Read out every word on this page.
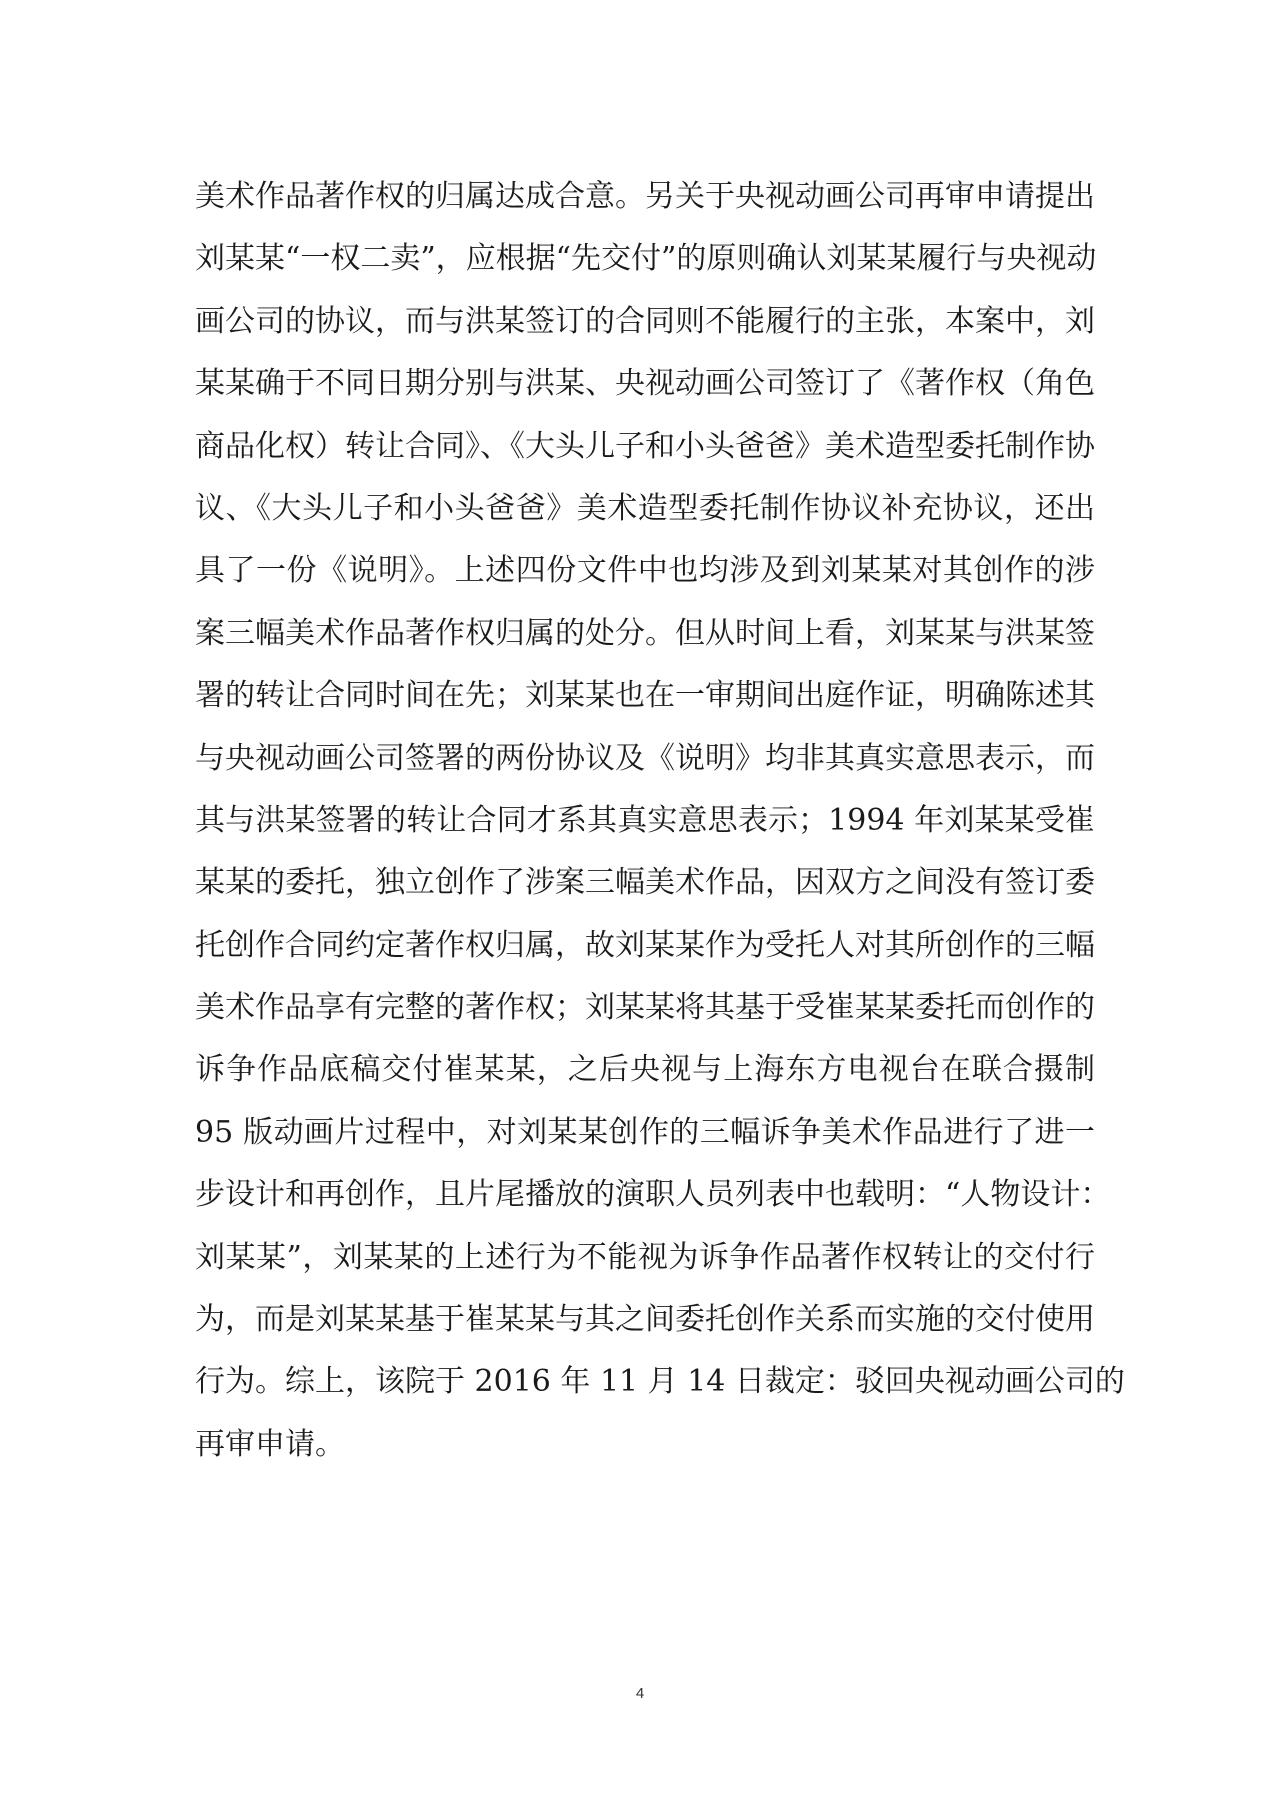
美术作品著作权的归属达成合意。另关于央视动画公司再审申请提出
刘某某“一权二卖”，应根据“先交付”的原则确认刘某某履行与央视动
画公司的协议，而与洪某签订的合同则不能履行的主张，本案中，刘
某某确于不同日期分别与洪某、央视动画公司签订了《著作权（角色
商品化权）转让合同》、《大头儿子和小头爸爸》美术造型委托制作协
议、《大头儿子和小头爸爸》美术造型委托制作协议补充协议，还出
具了一份《说明》。上述四份文件中也均涉及到刘某某对其创作的涉
案三幅美术作品著作权归属的处分。但从时间上看，刘某某与洪某签
署的转让合同时间在先；刘某某也在一审期间出庭作证，明确陈述其
与央视动画公司签署的两份协议及《说明》均非其真实意思表示，而
其与洪某签署的转让合同才系其真实意思表示；1994 年刘某某受崔
某某的委托，独立创作了涉案三幅美术作品，因双方之间没有签订委
托创作合同约定著作权归属，故刘某某作为受托人对其所创作的三幅
美术作品享有完整的著作权；刘某某将其基于受崔某某委托而创作的
诉争作品底稿交付崔某某，之后央视与上海东方电视台在联合摄制
95 版动画片过程中，对刘某某创作的三幅诉争美术作品进行了进一
步设计和再创作，且片尾播放的演职人员列表中也载明：“人物设计：
刘某某”，刘某某的上述行为不能视为诉争作品著作权转让的交付行
为，而是刘某某基于崔某某与其之间委托创作关系而实施的交付使用
行为。综上，该院于 2016 年 11 月 14 日裁定：驳回央视动画公司的
再审申请。
4
